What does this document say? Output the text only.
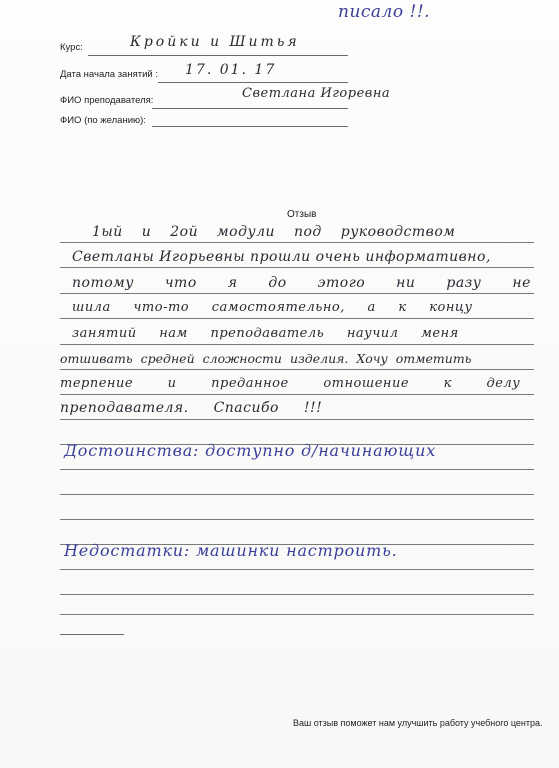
писало !!.
Курс:	Кройки и Шитья
Дата начала занятий : 17. 01. 17
ФИО преподавателя:	Светлана Игоревна
ФИО (по желанию):
Отзыв
1ый и 2ой модули под руководством
Светланы Игорьевны прошли очень информативно,
потому что я до этого ни разу не
шила что-то самостоятельно, а к концу
занятий нам преподаватель научил меня
отшивать средней сложности изделия. Хочу отметить
терпение и преданное отношение к делу
преподавателя. Спасибо !!!
Достоинства: доступно д/начинающих
Недостатки: машинки настроить.
Ваш отзыв поможет нам улучшить работу учебного центра.
